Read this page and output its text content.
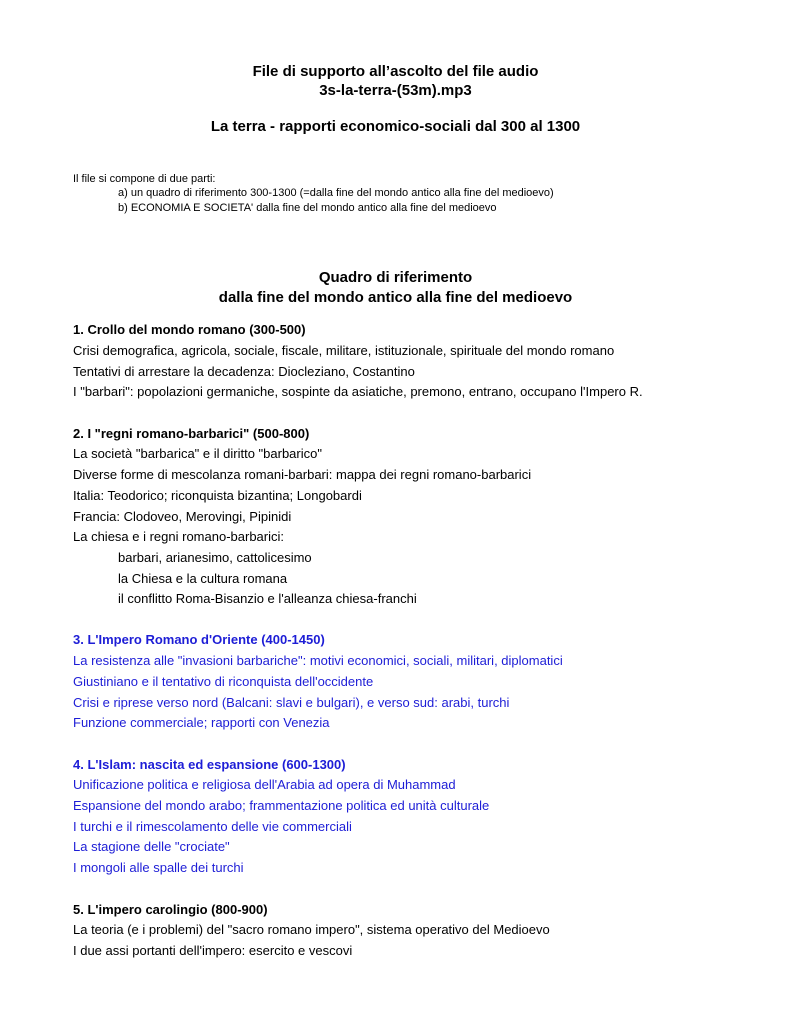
File di supporto all’ascolto del file audio
3s-la-terra-(53m).mp3
La terra - rapporti economico-sociali dal 300 al 1300

Il file si compone di due parti:

a) un quadro di riferimento 300-1300 (=dalla fine del mondo antico alla fine del medioevo)

b) ECONOMIA E SOCIETA' dalla fine del mondo antico alla fine del medioevo

Quadro di riferimento
dalla fine del mondo antico alla fine del medioevo
1. Crollo del mondo romano (300-500)

Crisi demografica, agricola, sociale, fiscale, militare, istituzionale, spirituale del mondo romano

Tentativi di arrestare la decadenza: Diocleziano, Costantino

I "barbari": popolazioni germaniche, sospinte da asiatiche, premono, entrano, occupano l'Impero R.

2. I "regni romano-barbarici" (500-800)

La società "barbarica" e il diritto "barbarico"

Diverse forme di mescolanza romani-barbari: mappa dei regni romano-barbarici

Italia: Teodorico; riconquista bizantina; Longobardi

Francia: Clodoveo, Merovingi, Pipinidi

La chiesa e i regni romano-barbarici:

barbari, arianesimo, cattolicesimo

la Chiesa e la cultura romana

il conflitto Roma-Bisanzio e l'alleanza chiesa-franchi

3. L'Impero Romano d'Oriente (400-1450)

La resistenza alle "invasioni barbariche": motivi economici, sociali, militari, diplomatici

Giustiniano e il tentativo di riconquista dell'occidente

Crisi e riprese verso nord (Balcani: slavi e bulgari), e verso sud: arabi, turchi

Funzione commerciale; rapporti con Venezia

4. L'Islam: nascita ed espansione (600-1300)

Unificazione politica e religiosa dell'Arabia ad opera di Muhammad

Espansione del mondo arabo; frammentazione politica ed unità culturale

I turchi e il rimescolamento delle vie commerciali

La stagione delle "crociate"

I mongoli alle spalle dei turchi

5. L'impero carolingio (800-900)

La teoria (e i problemi) del "sacro romano impero", sistema operativo del Medioevo

I due assi portanti dell'impero: esercito e vescovi
